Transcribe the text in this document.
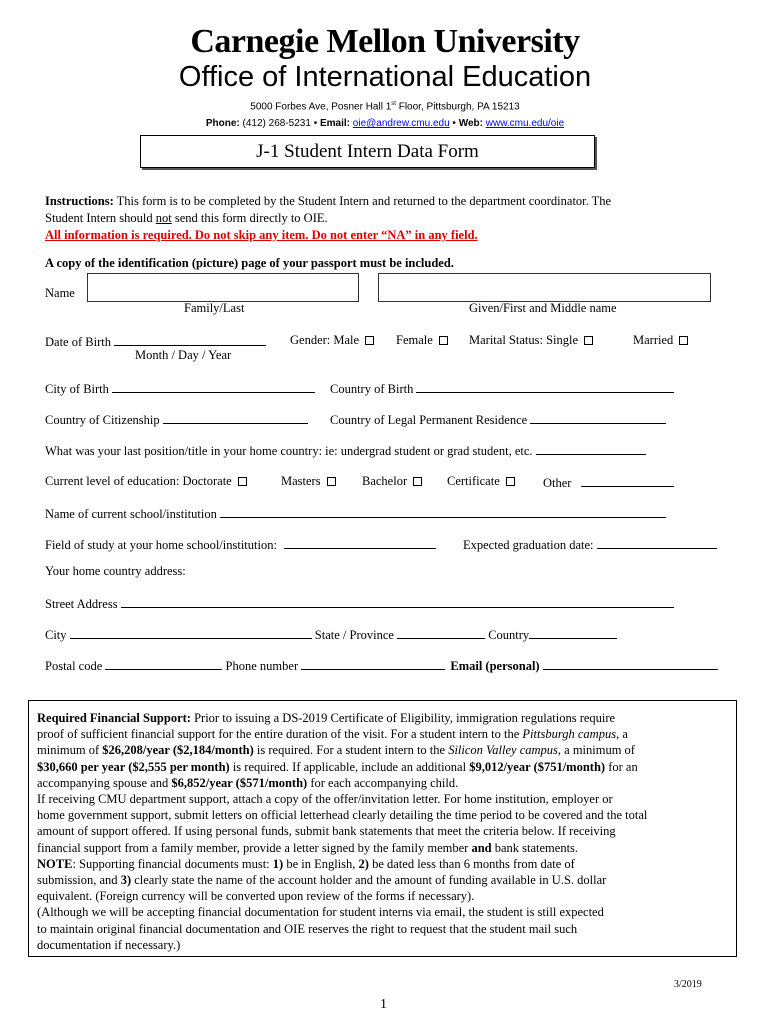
Carnegie Mellon University
Office of International Education
5000 Forbes Ave, Posner Hall 1st Floor, Pittsburgh, PA 15213
Phone: (412) 268-5231 • Email: oie@andrew.cmu.edu • Web: www.cmu.edu/oie
J-1 Student Intern Data Form
Instructions: This form is to be completed by the Student Intern and returned to the department coordinator. The
Student Intern should not send this form directly to OIE.
All information is required. Do not skip any item. Do not enter “NA” in any field.
A copy of the identification (picture) page of your passport must be included.
Name
Family/Last	Given/First and Middle name
Date of Birth
Month / Day / Year
Gender: Male	Female	Marital Status: Single	Married
City of Birth	Country of Birth
Country of Citizenship	Country of Legal Permanent Residence
What was your last position/title in your home country: ie: undergrad student or grad student, etc.
Current level of education: Doctorate	Masters	Bachelor	Certificate	Other
Name of current school/institution
Field of study at your home school/institution:	Expected graduation date:
Your home country address:
Street Address
City	State / Province	Country
Postal code	Phone number	Email (personal)
Required Financial Support: Prior to issuing a DS-2019 Certificate of Eligibility, immigration regulations require
proof of sufficient financial support for the entire duration of the visit. For a student intern to the Pittsburgh campus, a
minimum of $26,208/year ($2,184/month) is required. For a student intern to the Silicon Valley campus, a minimum of
$30,660 per year ($2,555 per month) is required. If applicable, include an additional $9,012/year ($751/month) for an
accompanying spouse and $6,852/year ($571/month) for each accompanying child.
If receiving CMU department support, attach a copy of the offer/invitation letter. For home institution, employer or
home government support, submit letters on official letterhead clearly detailing the time period to be covered and the total
amount of support offered. If using personal funds, submit bank statements that meet the criteria below. If receiving
financial support from a family member, provide a letter signed by the family member and bank statements.
NOTE: Supporting financial documents must: 1) be in English, 2) be dated less than 6 months from date of
submission, and 3) clearly state the name of the account holder and the amount of funding available in U.S. dollar
equivalent. (Foreign currency will be converted upon review of the forms if necessary).
(Although we will be accepting financial documentation for student interns via email, the student is still expected
to maintain original financial documentation and OIE reserves the right to request that the student mail such
documentation if necessary.)
3/2019
1
